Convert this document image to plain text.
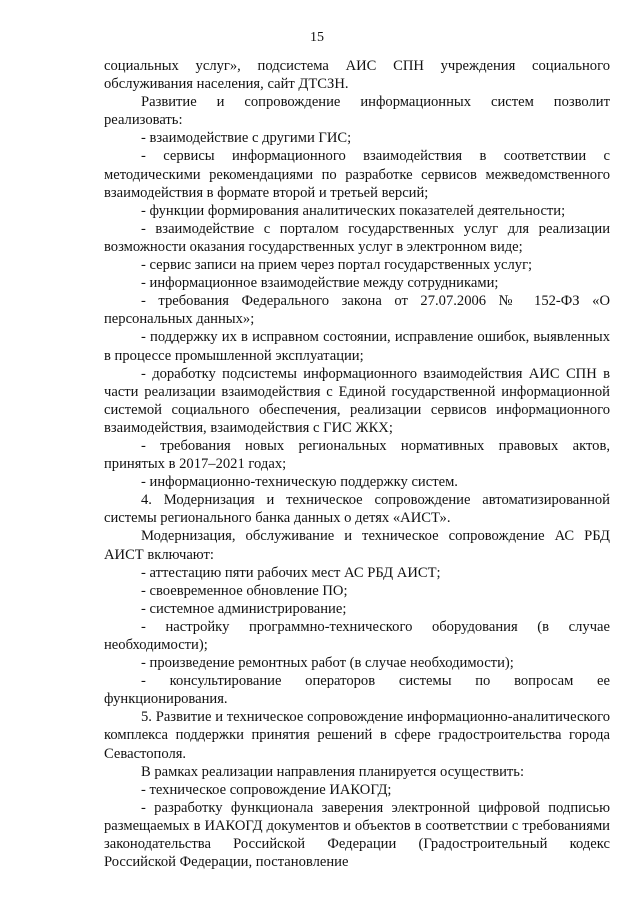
15

социальных услуг», подсистема АИС СПН учреждения социального обслуживания населения, сайт ДТСЗН.

Развитие и сопровождение информационных систем позволит реализовать:

- взаимодействие с другими ГИС;

- сервисы информационного взаимодействия в соответствии с методическими рекомендациями по разработке сервисов межведомственного взаимодействия в формате второй и третьей версий;

- функции формирования аналитических показателей деятельности;

- взаимодействие с порталом государственных услуг для реализации возможности оказания государственных услуг в электронном виде;

- сервис записи на прием через портал государственных услуг;

- информационное взаимодействие между сотрудниками;

- требования Федерального закона от 27.07.2006 № 152-ФЗ «О персональных данных»;

- поддержку их в исправном состоянии, исправление ошибок, выявленных в процессе промышленной эксплуатации;

- доработку подсистемы информационного взаимодействия АИС СПН в части реализации взаимодействия с Единой государственной информационной системой социального обеспечения, реализации сервисов информационного взаимодействия, взаимодействия с ГИС ЖКХ;

- требования новых региональных нормативных правовых актов, принятых в 2017–2021 годах;

- информационно-техническую поддержку систем.

4. Модернизация и техническое сопровождение автоматизированной системы регионального банка данных о детях «АИСТ».

Модернизация, обслуживание и техническое сопровождение АС РБД АИСТ включают:

- аттестацию пяти рабочих мест АС РБД АИСТ;

- своевременное обновление ПО;

- системное администрирование;

- настройку программно-технического оборудования (в случае необходимости);

- произведение ремонтных работ (в случае необходимости);

- консультирование операторов системы по вопросам ее функционирования.

5. Развитие и техническое сопровождение информационно-аналитического комплекса поддержки принятия решений в сфере градостроительства города Севастополя.

В рамках реализации направления планируется осуществить:

- техническое сопровождение ИАКОГД;

- разработку функционала заверения электронной цифровой подписью размещаемых в ИАКОГД документов и объектов в соответствии с требованиями законодательства Российской Федерации (Градостроительный кодекс Российской Федерации, постановление
